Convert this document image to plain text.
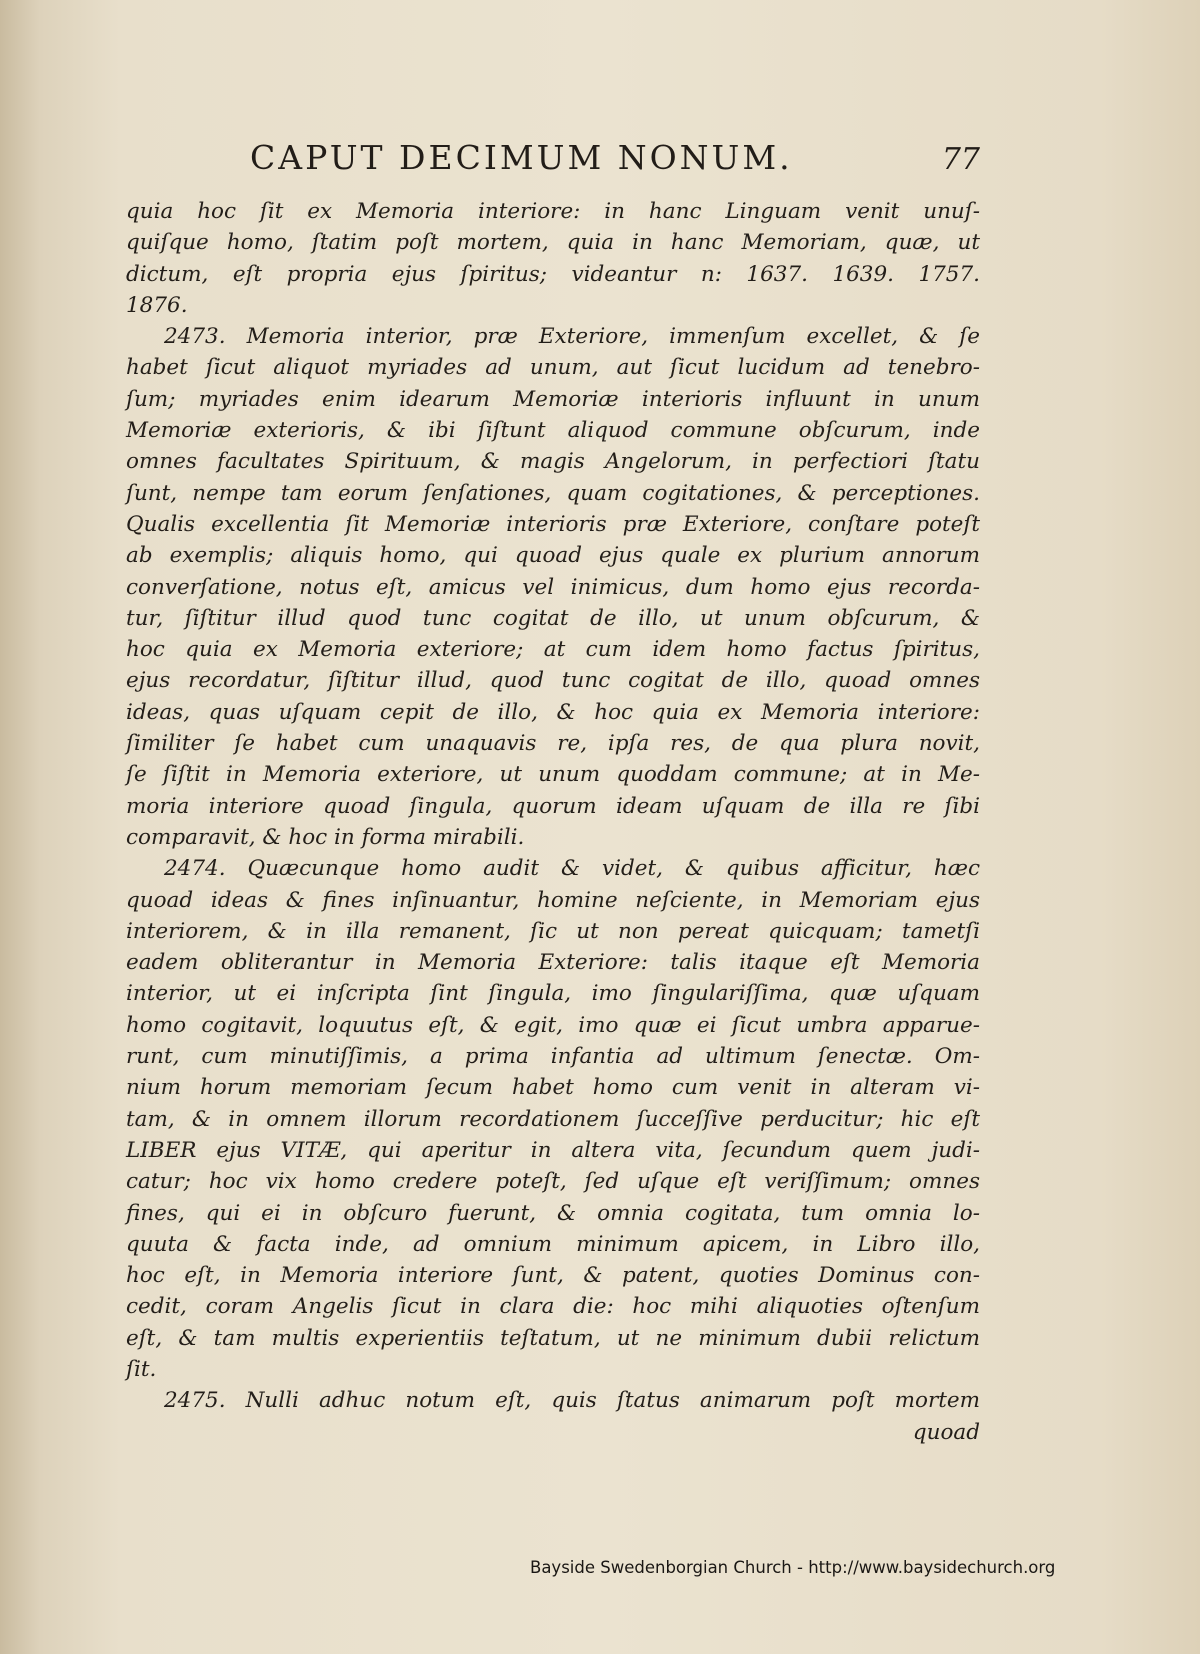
CAPUT DECIMUM NONUM.	77
quia hoc ſit ex Memoria interiore: in hanc Linguam venit unuſ-
quiſque homo, ſtatim poſt mortem, quia in hanc Memoriam, quæ, ut
dictum, eſt propria ejus ſpiritus; videantur n: 1637. 1639. 1757.
1876.
2473. Memoria interior, præ Exteriore, immenſum excellet, & ſe
habet ſicut aliquot myriades ad unum, aut ſicut lucidum ad tenebro-
ſum; myriades enim idearum Memoriæ interioris influunt in unum
Memoriæ exterioris, & ibi ſiſtunt aliquod commune obſcurum, inde
omnes facultates Spirituum, & magis Angelorum, in perfectiori ſtatu
ſunt, nempe tam eorum ſenſationes, quam cogitationes, & perceptiones.
Qualis excellentia ſit Memoriæ interioris præ Exteriore, conſtare poteſt
ab exemplis; aliquis homo, qui quoad ejus quale ex plurium annorum
converſatione, notus eſt, amicus vel inimicus, dum homo ejus recorda-
tur, ſiſtitur illud quod tunc cogitat de illo, ut unum obſcurum, &
hoc quia ex Memoria exteriore; at cum idem homo factus ſpiritus,
ejus recordatur, ſiſtitur illud, quod tunc cogitat de illo, quoad omnes
ideas, quas uſquam cepit de illo, & hoc quia ex Memoria interiore:
ſimiliter ſe habet cum unaquavis re, ipſa res, de qua plura novit,
ſe ſiſtit in Memoria exteriore, ut unum quoddam commune; at in Me-
moria interiore quoad ſingula, quorum ideam uſquam de illa re ſibi
comparavit, & hoc in forma mirabili.
2474. Quæcunque homo audit & videt, & quibus afficitur, hæc
quoad ideas & fines inſinuantur, homine neſciente, in Memoriam ejus
interiorem, & in illa remanent, ſic ut non pereat quicquam; tametſi
eadem obliterantur in Memoria Exteriore: talis itaque eſt Memoria
interior, ut ei inſcripta ſint ſingula, imo ſingulariſſima, quæ uſquam
homo cogitavit, loquutus eſt, & egit, imo quæ ei ſicut umbra apparue-
runt, cum minutiſſimis, a prima infantia ad ultimum ſenectæ. Om-
nium horum memoriam ſecum habet homo cum venit in alteram vi-
tam, & in omnem illorum recordationem ſucceſſive perducitur; hic eſt
LIBER ejus VITÆ, qui aperitur in altera vita, ſecundum quem judi-
catur; hoc vix homo credere poteſt, ſed uſque eſt veriſſimum; omnes
fines, qui ei in obſcuro fuerunt, & omnia cogitata, tum omnia lo-
quuta & facta inde, ad omnium minimum apicem, in Libro illo,
hoc eſt, in Memoria interiore ſunt, & patent, quoties Dominus con-
cedit, coram Angelis ſicut in clara die: hoc mihi aliquoties oſtenſum
eſt, & tam multis experientiis teſtatum, ut ne minimum dubii relictum
ſit.
2475. Nulli adhuc notum eſt, quis ſtatus animarum poſt mortem
quoad
Bayside Swedenborgian Church - http://www.baysidechurch.org
